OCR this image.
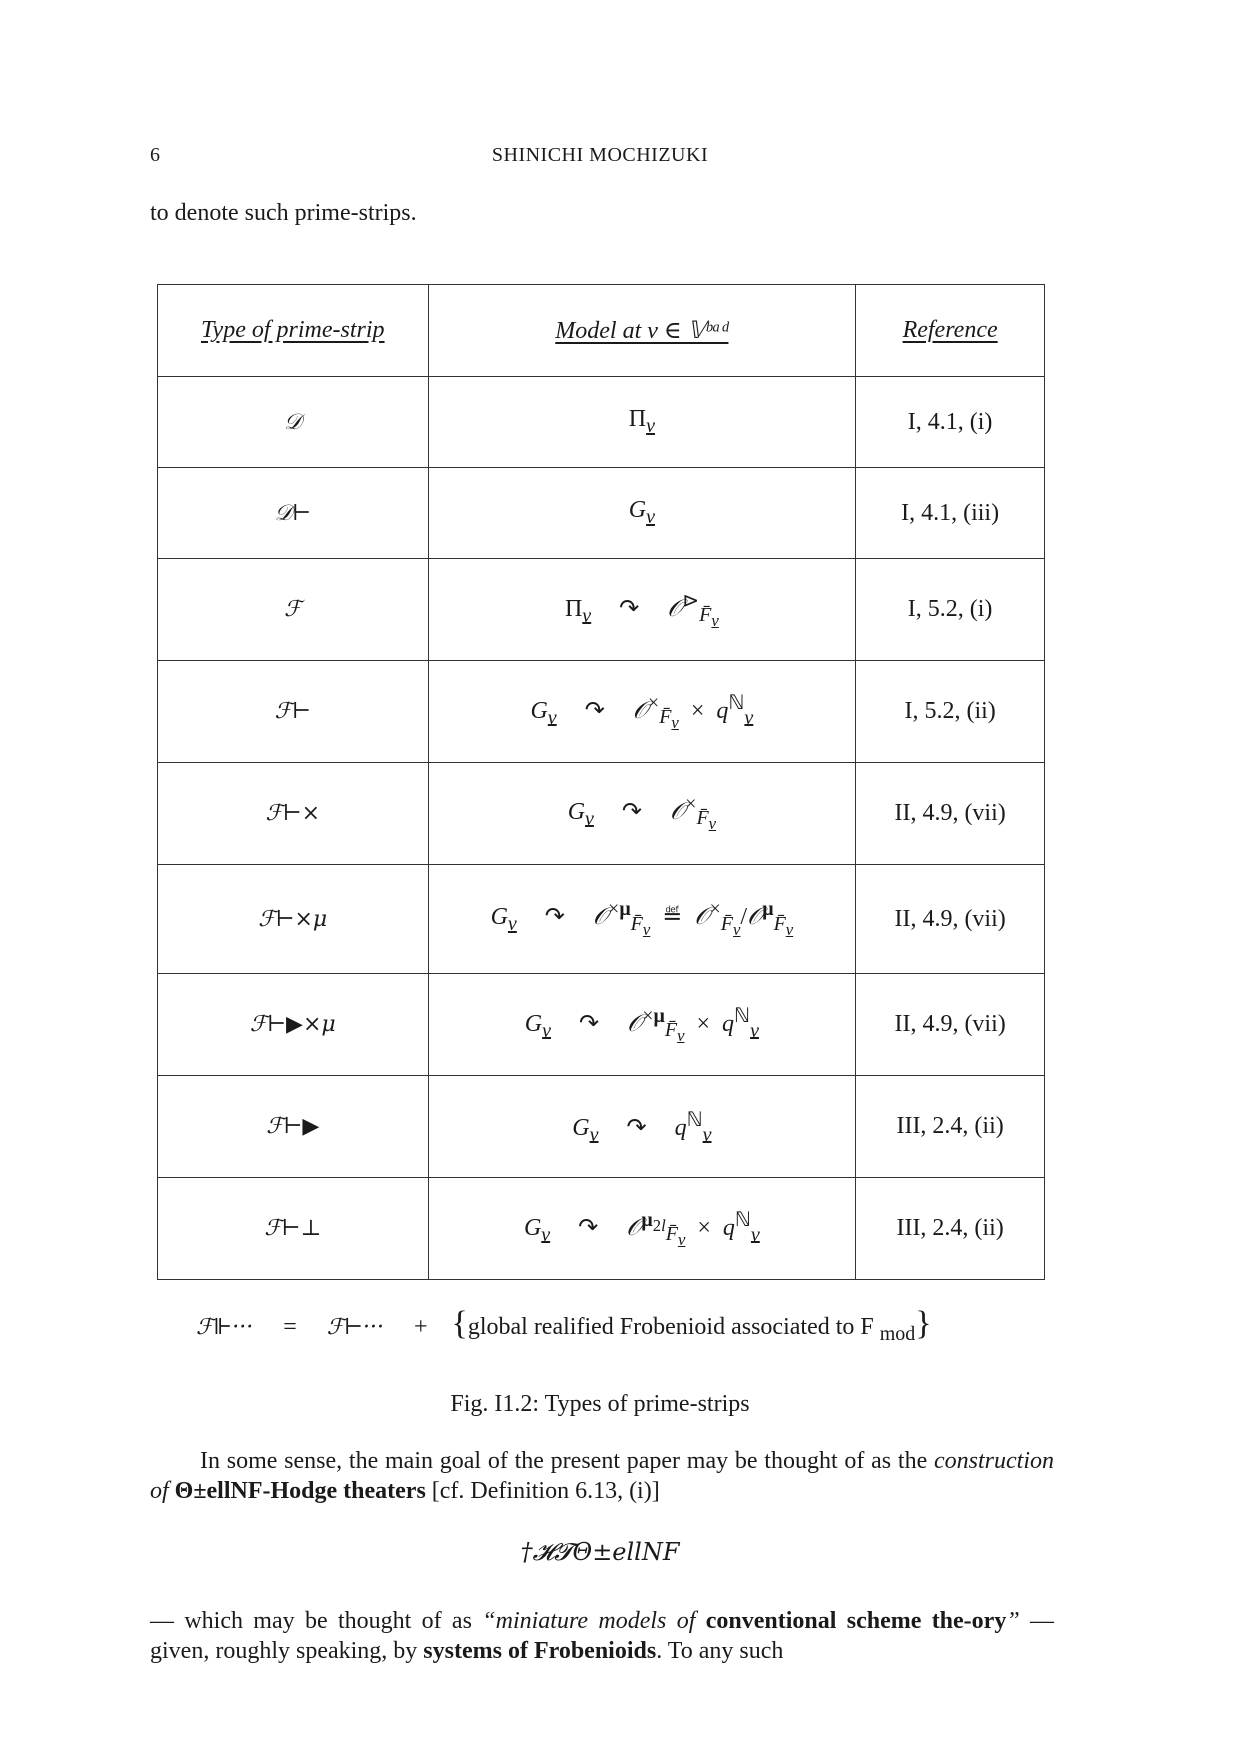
6	SHINICHI MOCHIZUKI
to denote such prime-strips.
Type of prime-strip	Model at v ∈ 𝕍ᵇᵃᵈ	Reference
𝒟	$\Pi_v$	I, 4.1, (i)
𝒟⊢	$G_v$	I, 4.1, (iii)
ℱ	$\Pi_v$ ↷ 𝒪⊳$_{F̄_v}$	I, 5.2, (i)
ℱ⊢	$G_v$ ↷ 𝒪×$_{F̄_v}$  ×  $q^ℕ_v$	I, 5.2, (ii)
ℱ⊢×	$G_v$ ↷ 𝒪×$_{F̄_v}$	II, 4.9, (vii)
ℱ⊢×μ	$G_v$ ↷ 𝒪$^{\times\mu}_{F̄_v}$  ≝  𝒪×$_{F̄_v}$/𝒪$^\mu_{F̄_v}$	II, 4.9, (vii)
ℱ⊢▶×μ	$G_v$ ↷ 𝒪$^{\times\mu}_{F̄_v}$  ×  $q^ℕ_v$	II, 4.9, (vii)
ℱ⊢▶	$G_v$ ↷ $q^ℕ_v$	III, 2.4, (ii)
ℱ⊢⊥	$G_v$ ↷ 𝒪$^{\mu_{2l}}_{F̄_v}$  ×  $q^ℕ_v$	III, 2.4, (ii)
ℱ⊩··· = ℱ⊢··· + {global realified Frobenioid associated to F $_{mod}$}
Fig. I1.2: Types of prime-strips
In some sense, the main goal of the present paper may be thought of as the construction of Θ±ellNF-Hodge theaters [cf. Definition 6.13, (i)]
†𝓗𝓣Θ±ellNF
— which may be thought of as “miniature models of conventional scheme the-ory” — given, roughly speaking, by systems of Frobenioids. To any such
